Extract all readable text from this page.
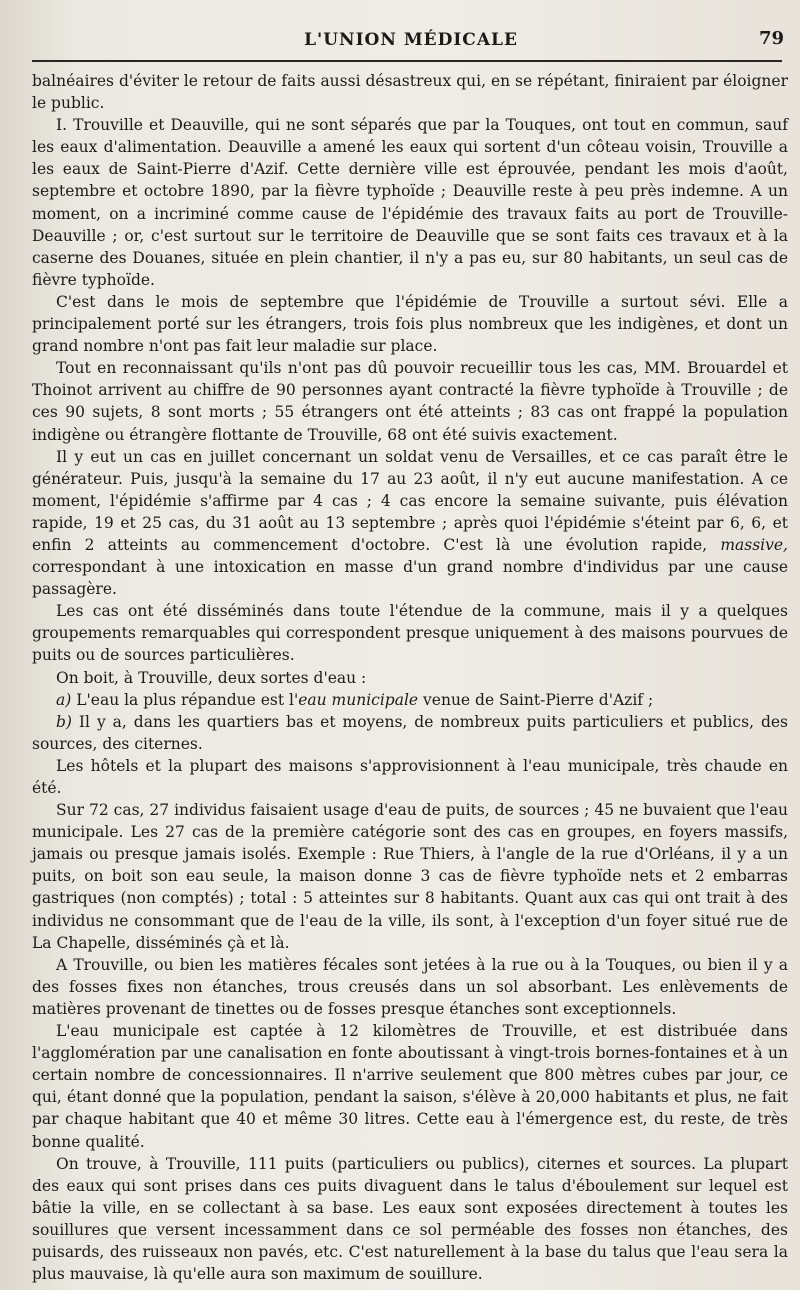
L'UNION MÉDICALE	79

balnéaires d'éviter le retour de faits aussi désastreux qui, en se répétant, finiraient par éloigner le public.

I. Trouville et Deauville, qui ne sont séparés que par la Touques, ont tout en commun, sauf les eaux d'alimentation. Deauville a amené les eaux qui sortent d'un côteau voisin, Trouville a les eaux de Saint-Pierre d'Azif. Cette dernière ville est éprouvée, pendant les mois d'août, septembre et octobre 1890, par la fièvre typhoïde ; Deauville reste à peu près indemne. A un moment, on a incriminé comme cause de l'épidémie des travaux faits au port de Trouville-Deauville ; or, c'est surtout sur le territoire de Deauville que se sont faits ces travaux et à la caserne des Douanes, située en plein chantier, il n'y a pas eu, sur 80 habitants, un seul cas de fièvre typhoïde.

C'est dans le mois de septembre que l'épidémie de Trouville a surtout sévi. Elle a principalement porté sur les étrangers, trois fois plus nombreux que les indigènes, et dont un grand nombre n'ont pas fait leur maladie sur place.

Tout en reconnaissant qu'ils n'ont pas dû pouvoir recueillir tous les cas, MM. Brouardel et Thoinot arrivent au chiffre de 90 personnes ayant contracté la fièvre typhoïde à Trouville ; de ces 90 sujets, 8 sont morts ; 55 étrangers ont été atteints ; 83 cas ont frappé la population indigène ou étrangère flottante de Trouville, 68 ont été suivis exactement.

Il y eut un cas en juillet concernant un soldat venu de Versailles, et ce cas paraît être le générateur. Puis, jusqu'à la semaine du 17 au 23 août, il n'y eut aucune manifestation. A ce moment, l'épidémie s'affirme par 4 cas ; 4 cas encore la semaine suivante, puis élévation rapide, 19 et 25 cas, du 31 août au 13 septembre ; après quoi l'épidémie s'éteint par 6, 6, et enfin 2 atteints au commencement d'octobre. C'est là une évolution rapide, massive, correspondant à une intoxication en masse d'un grand nombre d'individus par une cause passagère.

Les cas ont été disséminés dans toute l'étendue de la commune, mais il y a quelques groupements remarquables qui correspondent presque uniquement à des maisons pourvues de puits ou de sources particulières.

On boit, à Trouville, deux sortes d'eau :

a) L'eau la plus répandue est l'eau municipale venue de Saint-Pierre d'Azif ;

b) Il y a, dans les quartiers bas et moyens, de nombreux puits particuliers et publics, des sources, des citernes.

Les hôtels et la plupart des maisons s'approvisionnent à l'eau municipale, très chaude en été.

Sur 72 cas, 27 individus faisaient usage d'eau de puits, de sources ; 45 ne buvaient que l'eau municipale. Les 27 cas de la première catégorie sont des cas en groupes, en foyers massifs, jamais ou presque jamais isolés. Exemple : Rue Thiers, à l'angle de la rue d'Orléans, il y a un puits, on boit son eau seule, la maison donne 3 cas de fièvre typhoïde nets et 2 embarras gastriques (non comptés) ; total : 5 atteintes sur 8 habitants. Quant aux cas qui ont trait à des individus ne consommant que de l'eau de la ville, ils sont, à l'exception d'un foyer situé rue de La Chapelle, disséminés çà et là.

A Trouville, ou bien les matières fécales sont jetées à la rue ou à la Touques, ou bien il y a des fosses fixes non étanches, trous creusés dans un sol absorbant. Les enlèvements de matières provenant de tinettes ou de fosses presque étanches sont exceptionnels.

L'eau municipale est captée à 12 kilomètres de Trouville, et est distribuée dans l'agglomération par une canalisation en fonte aboutissant à vingt-trois bornes-fontaines et à un certain nombre de concessionnaires. Il n'arrive seulement que 800 mètres cubes par jour, ce qui, étant donné que la population, pendant la saison, s'élève à 20,000 habitants et plus, ne fait par chaque habitant que 40 et même 30 litres. Cette eau à l'émergence est, du reste, de très bonne qualité.

On trouve, à Trouville, 111 puits (particuliers ou publics), citernes et sources. La plupart des eaux qui sont prises dans ces puits divaguent dans le talus d'éboulement sur lequel est bâtie la ville, en se collectant à sa base. Les eaux sont exposées directement à toutes les souillures que versent incessamment dans ce sol perméable des fosses non étanches, des puisards, des ruisseaux non pavés, etc. C'est naturellement à la base du talus que l'eau sera la plus mauvaise, là qu'elle aura son maximum de souillure.
